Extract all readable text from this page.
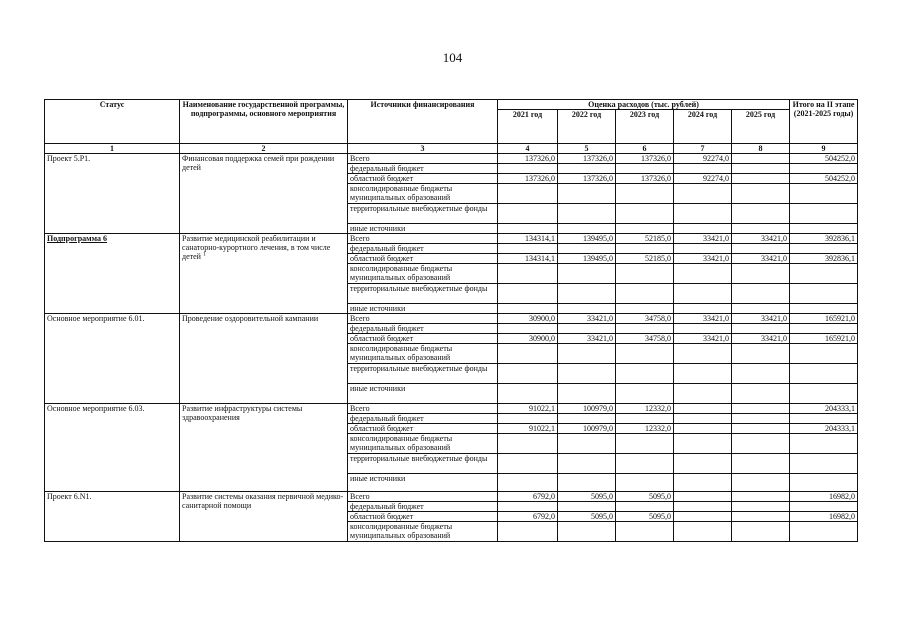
104
Статус	Наименование государственной программы, подпрограммы, основного мероприятия	Источники финансирования	Оценка расходов (тыс. рублей)					Итого на II этапе (2021-2025 годы)
			2021 год	2022 год	2023 год	2024 год	2025 год	
1	2	3	4	5	6	7	8	9
Проект 5.Р1.	Финансовая поддержка семей при рождении детей	Всего	137326,0	137326,0	137326,0	92274,0		504252,0
		федеральный бюджет						
		областной бюджет	137326,0	137326,0	137326,0	92274,0		504252,0
		консолидированные бюджеты муниципальных образований						
		территориальные внебюджетные фонды						
		иные источники						
Подпрограмма 6	Развитие медицинской реабилитации и санаторно-курортного лечения, в том числе детей $^1$	Всего	134314,1	139495,0	52185,0	33421,0	33421,0	392836,1
		федеральный бюджет						
		областной бюджет	134314,1	139495,0	52185,0	33421,0	33421,0	392836,1
		консолидированные бюджеты муниципальных образований						
		территориальные внебюджетные фонды						
		иные источники						
Основное мероприятие 6.01.	Проведение оздоровительной кампании	Всего	30900,0	33421,0	34758,0	33421,0	33421,0	165921,0
		федеральный бюджет						
		областной бюджет	30900,0	33421,0	34758,0	33421,0	33421,0	165921,0
		консолидированные бюджеты муниципальных образований						
		территориальные внебюджетные фонды						
		иные источники						
Основное мероприятие 6.03.	Развитие инфраструктуры системы здравоохранения	Всего	91022,1	100979,0	12332,0			204333,1
		федеральный бюджет						
		областной бюджет	91022,1	100979,0	12332,0			204333,1
		консолидированные бюджеты муниципальных образований						
		территориальные внебюджетные фонды						
		иные источники						
Проект 6.N1.	Развитие системы оказания первичной медико-санитарной помощи	Всего	6792,0	5095,0	5095,0			16982,0
		федеральный бюджет						
		областной бюджет	6792,0	5095,0	5095,0			16982,0
		консолидированные бюджеты муниципальных образований						
